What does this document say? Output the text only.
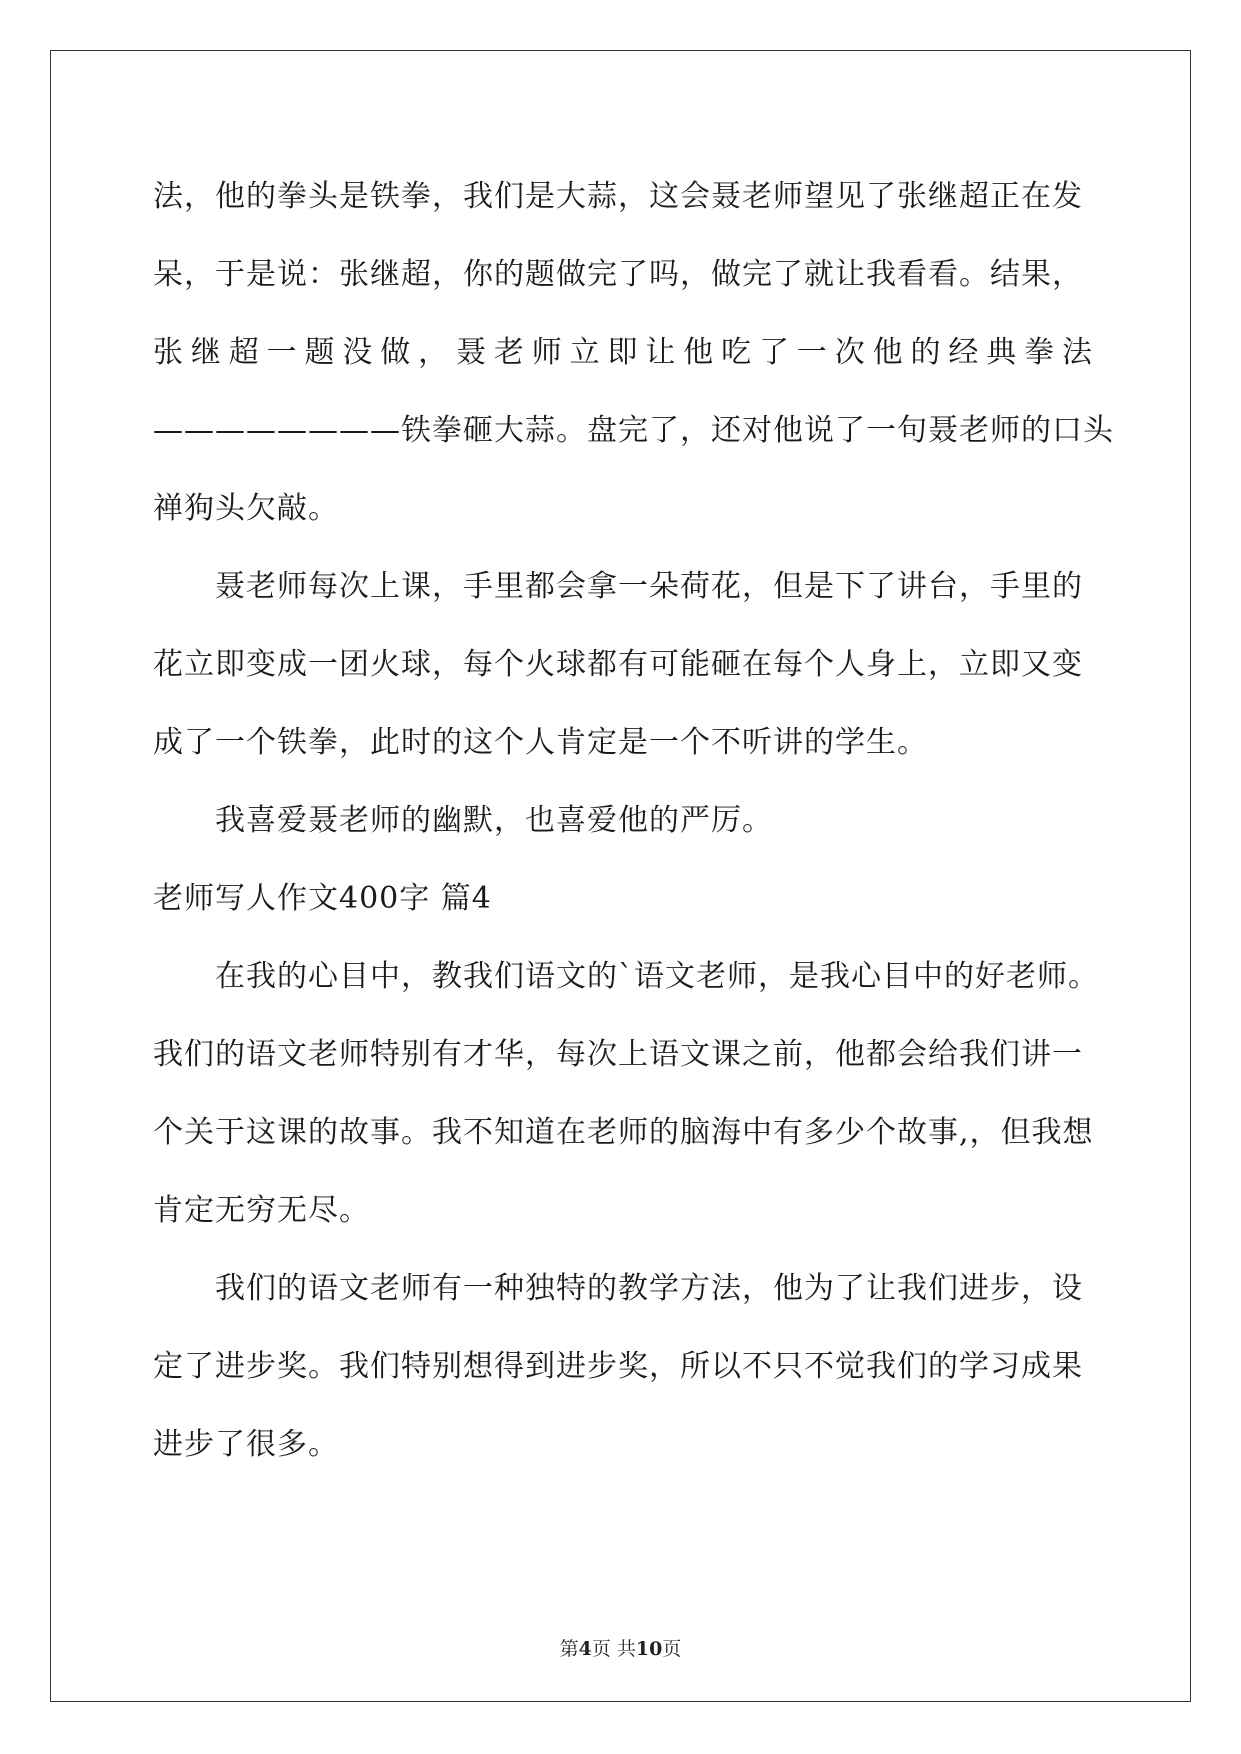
法，他的拳头是铁拳，我们是大蒜，这会聂老师望见了张继超正在发
呆，于是说：张继超，你的题做完了吗，做完了就让我看看。结果，
张 继 超 一 题 没 做 ， 聂 老 师 立 即 让 他 吃 了 一 次 他 的 经 典 拳 法
————————铁拳砸大蒜。盘完了，还对他说了一句聂老师的口头
禅狗头欠敲。
聂老师每次上课，手里都会拿一朵荷花，但是下了讲台，手里的
花立即变成一团火球，每个火球都有可能砸在每个人身上，立即又变
成了一个铁拳，此时的这个人肯定是一个不听讲的学生。
我喜爱聂老师的幽默，也喜爱他的严厉。
老师写人作文400字 篇4
在我的心目中，教我们语文的`语文老师，是我心目中的好老师。
我们的语文老师特别有才华，每次上语文课之前，他都会给我们讲一
个关于这课的故事。我不知道在老师的脑海中有多少个故事,，但我想
肯定无穷无尽。
我们的语文老师有一种独特的教学方法，他为了让我们进步，设
定了进步奖。我们特别想得到进步奖，所以不只不觉我们的学习成果
进步了很多。
第4页 共10页
